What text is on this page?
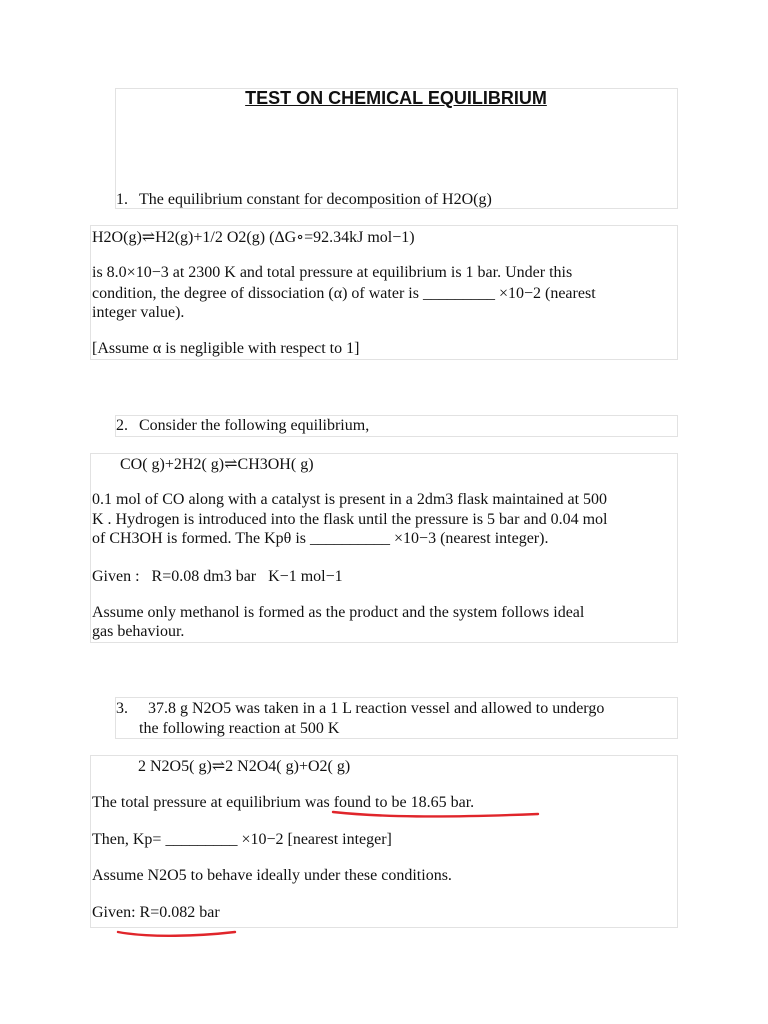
TEST ON CHEMICAL EQUILIBRIUM
1. The equilibrium constant for decomposition of H2O(g)
H2O(g)⇌H2(g)+1/2 O2(g) (ΔG∘=92.34kJ mol−1)
is 8.0×10−3 at 2300 K and total pressure at equilibrium is 1 bar. Under this
condition, the degree of dissociation (α) of water is _________ ×10−2 (nearest
integer value).
[Assume α is negligible with respect to 1]
2. Consider the following equilibrium,
CO( g)+2H2( g)⇌CH3OH( g)
0.1 mol of CO along with a catalyst is present in a 2dm3 flask maintained at 500
K . Hydrogen is introduced into the flask until the pressure is 5 bar and 0.04 mol
of CH3OH is formed. The Kpθ is __________ ×10−3 (nearest integer).
Given :   R=0.08 dm3 bar   K−1 mol−1
Assume only methanol is formed as the product and the system follows ideal
gas behaviour.
3. 37.8 g N2O5 was taken in a 1 L reaction vessel and allowed to undergo
the following reaction at 500 K
2 N2O5( g)⇌2 N2O4( g)+O2( g)
The total pressure at equilibrium was found to be 18.65 bar.
Then, Kp= _________ ×10−2 [nearest integer]
Assume N2O5 to behave ideally under these conditions.
Given: R=0.082 bar
